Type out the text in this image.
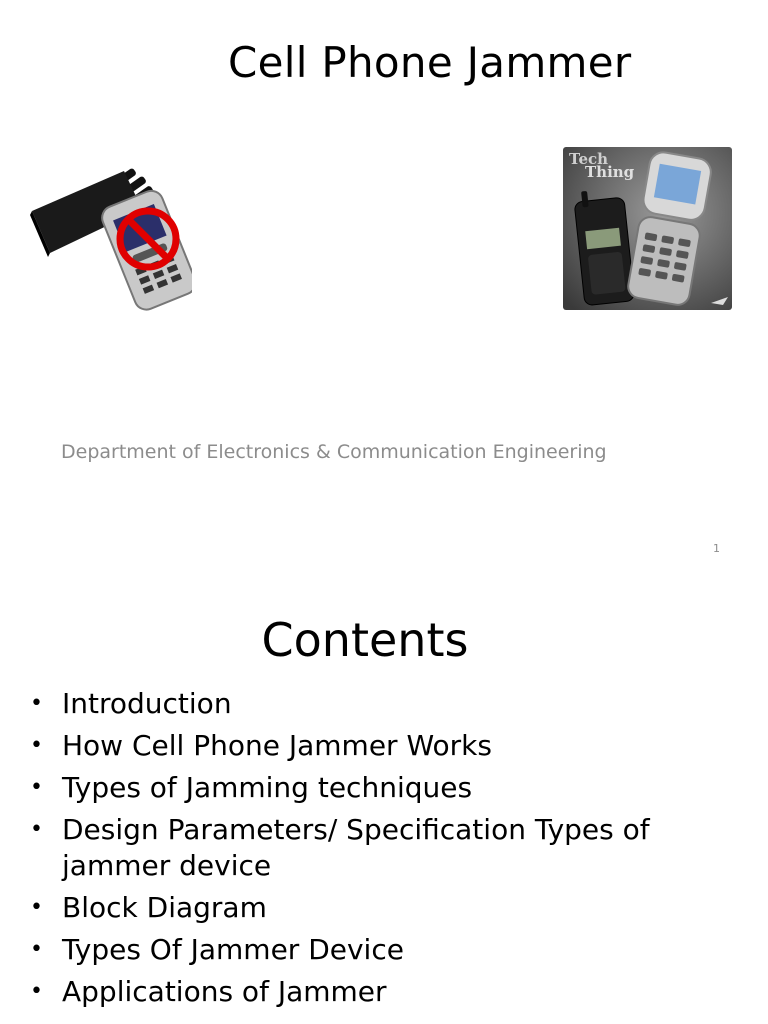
Cell Phone Jammer
Tech
Thing
Department of Electronics & Communication Engineering
1
Contents
• Introduction
• How Cell Phone Jammer Works
• Types of Jamming techniques
• Design Parameters/ Specification Types of jammer device
• Block Diagram
• Types Of Jammer Device
• Applications of Jammer
